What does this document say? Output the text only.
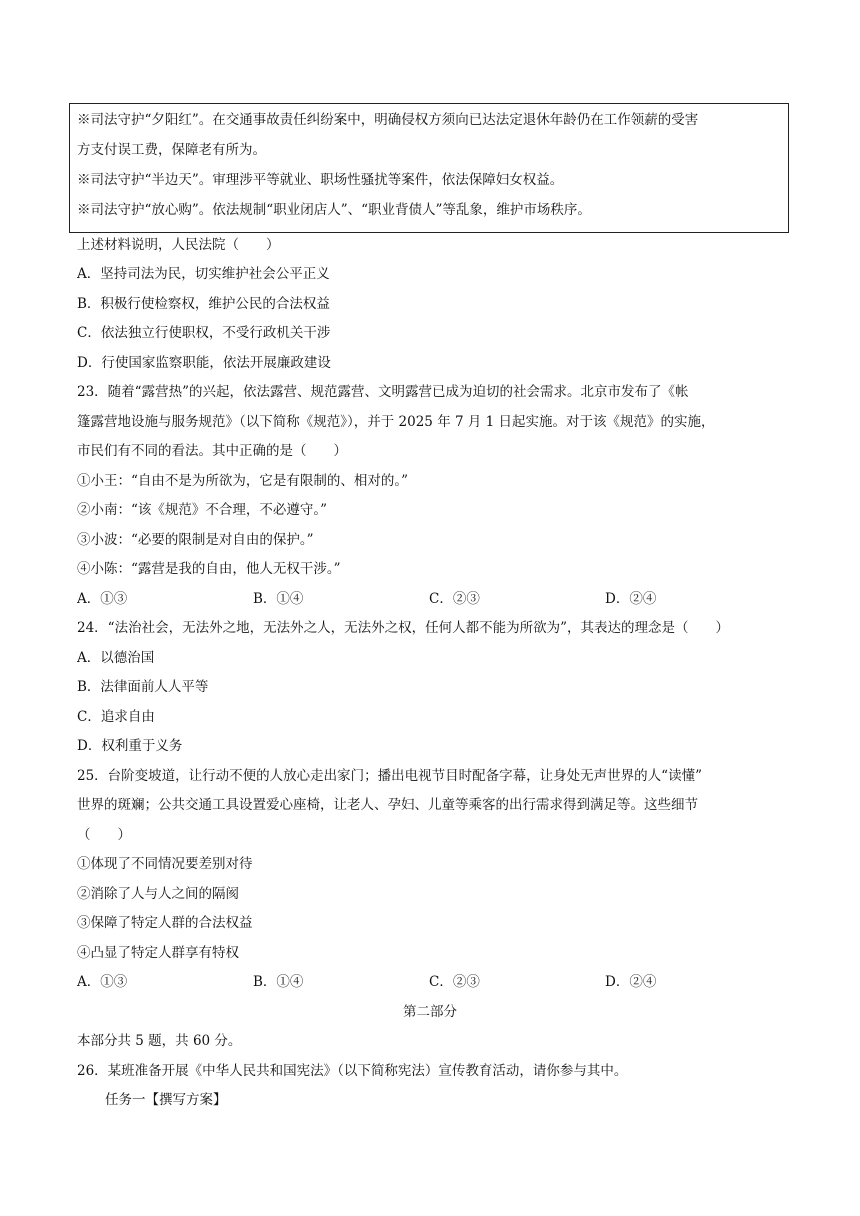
※司法守护“夕阳红”。在交通事故责任纠纷案中，明确侵权方须向已达法定退休年龄仍在工作领薪的受害
方支付误工费，保障老有所为。
※司法守护“半边天”。审理涉平等就业、职场性骚扰等案件，依法保障妇女权益。
※司法守护“放心购”。依法规制“职业闭店人”、“职业背债人”等乱象，维护市场秩序。
上述材料说明，人民法院（　　）
A．坚持司法为民，切实维护社会公平正义
B．积极行使检察权，维护公民的合法权益
C．依法独立行使职权，不受行政机关干涉
D．行使国家监察职能，依法开展廉政建设
23．随着“露营热”的兴起，依法露营、规范露营、文明露营已成为迫切的社会需求。北京市发布了《帐
篷露营地设施与服务规范》（以下简称《规范》），并于 2025 年 7 月 1 日起实施。对于该《规范》的实施，
市民们有不同的看法。其中正确的是（　　）
①小王：“自由不是为所欲为，它是有限制的、相对的。”
②小南：“该《规范》不合理，不必遵守。”
③小波：“必要的限制是对自由的保护。”
④小陈：“露营是我的自由，他人无权干涉。”
A．①③	B．①④	C．②③	D．②④
24．“法治社会，无法外之地，无法外之人，无法外之权，任何人都不能为所欲为”，其表达的理念是（　　）
A．以德治国
B．法律面前人人平等
C．追求自由
D．权利重于义务
25．台阶变坡道，让行动不便的人放心走出家门；播出电视节目时配备字幕，让身处无声世界的人“读懂”
世界的斑斓；公共交通工具设置爱心座椅，让老人、孕妇、儿童等乘客的出行需求得到满足等。这些细节
（　　）
①体现了不同情况要差别对待
②消除了人与人之间的隔阂
③保障了特定人群的合法权益
④凸显了特定人群享有特权
A．①③	B．①④	C．②③	D．②④
第二部分
本部分共 5 题，共 60 分。
26．某班准备开展《中华人民共和国宪法》（以下简称宪法）宣传教育活动，请你参与其中。
任务一【撰写方案】
